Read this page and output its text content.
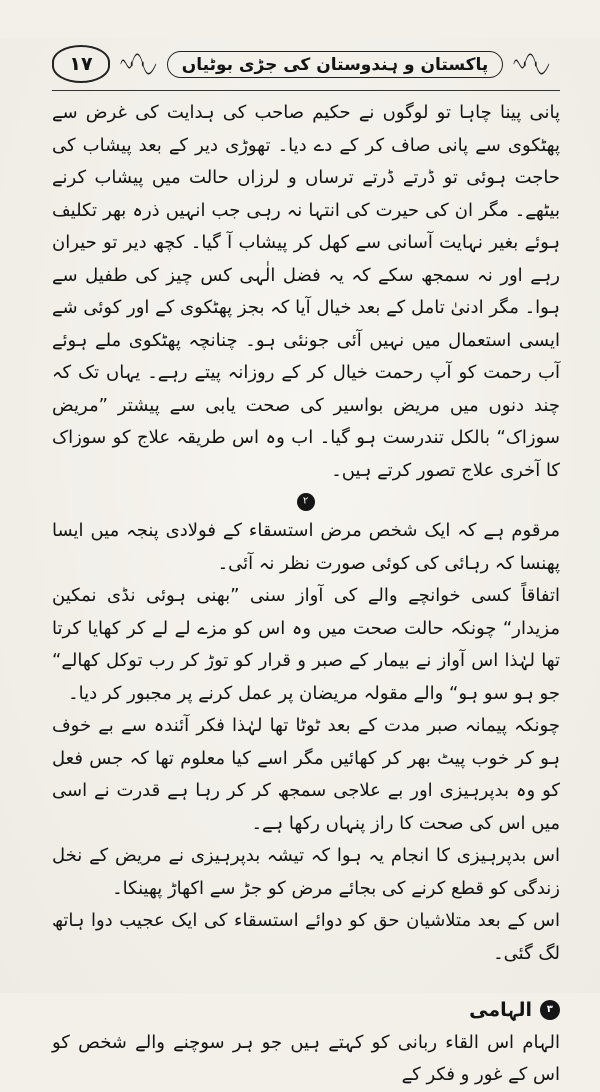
۱۷	پاکستان و ہندوستان کی جڑی بوٹیاں

پانی پینا چاہا تو لوگوں نے حکیم صاحب کی ہدایت کی غرض سے پھٹکوی سے پانی صاف کر کے دے دیا۔ تھوڑی دیر کے بعد پیشاب کی حاجت ہوئی تو ڈرتے ڈرتے ترساں و لرزاں حالت میں پیشاب کرنے بیٹھے۔ مگر ان کی حیرت کی انتہا نہ رہی جب انہیں ذرہ بھر تکلیف ہوئے بغیر نہایت آسانی سے کھل کر پیشاب آ گیا۔ کچھ دیر تو حیران رہے اور نہ سمجھ سکے کہ یہ فضل الٰہی کس چیز کی طفیل سے ہوا۔ مگر ادنیٰ تامل کے بعد خیال آیا کہ بجز پھٹکوی کے اور کوئی شے ایسی استعمال میں نہیں آئی جونئی ہو۔ چنانچہ پھٹکوی ملے ہوئے آب رحمت کو آپ رحمت خیال کر کے روزانہ پیتے رہے۔ یہاں تک کہ چند دنوں میں مریض بواسیر کی صحت یابی سے پیشتر ”مریض سوزاک“ بالکل تندرست ہو گیا۔ اب وہ اس طریقہ علاج کو سوزاک کا آخری علاج تصور کرتے ہیں۔

۲

مرقوم ہے کہ ایک شخص مرض استسقاء کے فولادی پنجہ میں ایسا پھنسا کہ رہائی کی کوئی صورت نظر نہ آئی۔

اتفاقاً کسی خوانچے والے کی آواز سنی ”بھنی ہوئی نڈی نمکین مزیدار“ چونکہ حالت صحت میں وہ اس کو مزے لے لے کر کھایا کرتا تھا لہٰذا اس آواز نے بیمار کے صبر و قرار کو توڑ کر رب توکل کھالے“ جو ہو سو ہو“ والے مقولہ مریضان پر عمل کرنے پر مجبور کر دیا۔

چونکہ پیمانہ صبر مدت کے بعد ٹوٹا تھا لہٰذا فکر آئندہ سے بے خوف ہو کر خوب پیٹ بھر کر کھائیں مگر اسے کیا معلوم تھا کہ جس فعل کو وہ بدپرہیزی اور بے علاجی سمجھ کر کر رہا ہے قدرت نے اسی میں اس کی صحت کا راز پنہاں رکھا ہے۔

اس بدپرہیزی کا انجام یہ ہوا کہ تیشہ بدپرہیزی نے مریض کے نخل زندگی کو قطع کرنے کی بجائے مرض کو جڑ سے اکھاڑ پھینکا۔

اس کے بعد متلاشیان حق کو دوائے استسقاء کی ایک عجیب دوا ہاتھ لگ گئی۔

۳
الہامی

الہام اس القاء ربانی کو کہتے ہیں جو ہر سوچنے والے شخص کو اس کے غور و فکر کے
